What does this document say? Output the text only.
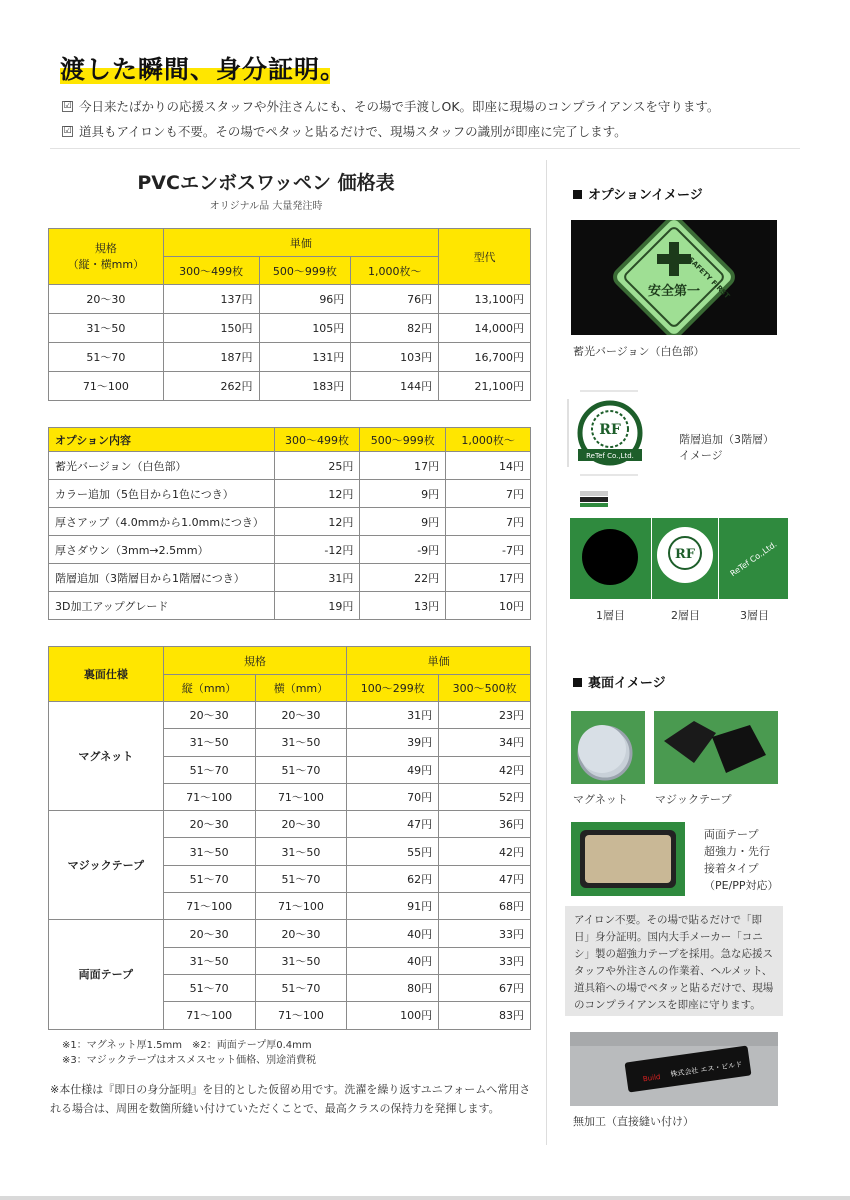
渡した瞬間、身分証明。
☑ 今日来たばかりの応援スタッフや外注さんにも、その場で手渡しOK。即座に現場のコンプライアンスを守ります。
☑ 道具もアイロンも不要。その場でペタッと貼るだけで、現場スタッフの識別が即座に完了します。
PVCエンボスワッペン 価格表
オリジナル品 大量発注時
規格
（縦・横mm）	単価			型代
	300〜499枚	500〜999枚	1,000枚〜	
20〜30	137円	96円	76円	13,100円
31〜50	150円	105円	82円	14,000円
51〜70	187円	131円	103円	16,700円
71〜100	262円	183円	144円	21,100円
オプション内容	300〜499枚	500〜999枚	1,000枚〜
蓄光バージョン（白色部）	25円	17円	14円
カラー追加（5色目から1色につき）	12円	9円	7円
厚さアップ（4.0mmから1.0mmにつき）	12円	9円	7円
厚さダウン（3mm→2.5mm）	-12円	-9円	-7円
階層追加（3階層目から1階層につき）	31円	22円	17円
3D加工アップグレード	19円	13円	10円
裏面仕様	規格		単価	
	縦（mm）	横（mm）	100〜299枚	300〜500枚
マグネット	20〜30	20〜30	31円	23円
	31〜50	31〜50	39円	34円
	51〜70	51〜70	49円	42円
	71〜100	71〜100	70円	52円
マジックテープ	20〜30	20〜30	47円	36円
	31〜50	31〜50	55円	42円
	51〜70	51〜70	62円	47円
	71〜100	71〜100	91円	68円
両面テープ	20〜30	20〜30	40円	33円
	31〜50	31〜50	40円	33円
	51〜70	51〜70	80円	67円
	71〜100	71〜100	100円	83円
※1：マグネット厚1.5mm　※2：両面テープ厚0.4mm
※3：マジックテープはオスメスセット価格、別途消費税
※本仕様は『即日の身分証明』を目的とした仮留め用です。洗濯を繰り返すユニフォームへ常用される場合は、周囲を数箇所縫い付けていただくことで、最高クラスの保持力を発揮します。
オプションイメージ
SAFETY FIRST
安全第一
蓄光バージョン（白色部）
RF
ReTef Co.,Ltd.
階層追加（3階層）
イメージ
RF	ReTef Co.,Ltd.
1層目	2層目	3層目
裏面イメージ
マグネット マジックテープ
両面テープ
超強力・先行
接着タイプ
（PE/PP対応）
アイロン不要。その場で貼るだけで「即日」身分証明。国内大手メーカー「コニシ」製の超強力テープを採用。急な応援スタッフや外注さんの作業着、ヘルメット、道具箱への場でペタッと貼るだけで、現場のコンプライアンスを即座に守ります。
Build 株式会社 エス・ビルド
無加工（直接縫い付け）
